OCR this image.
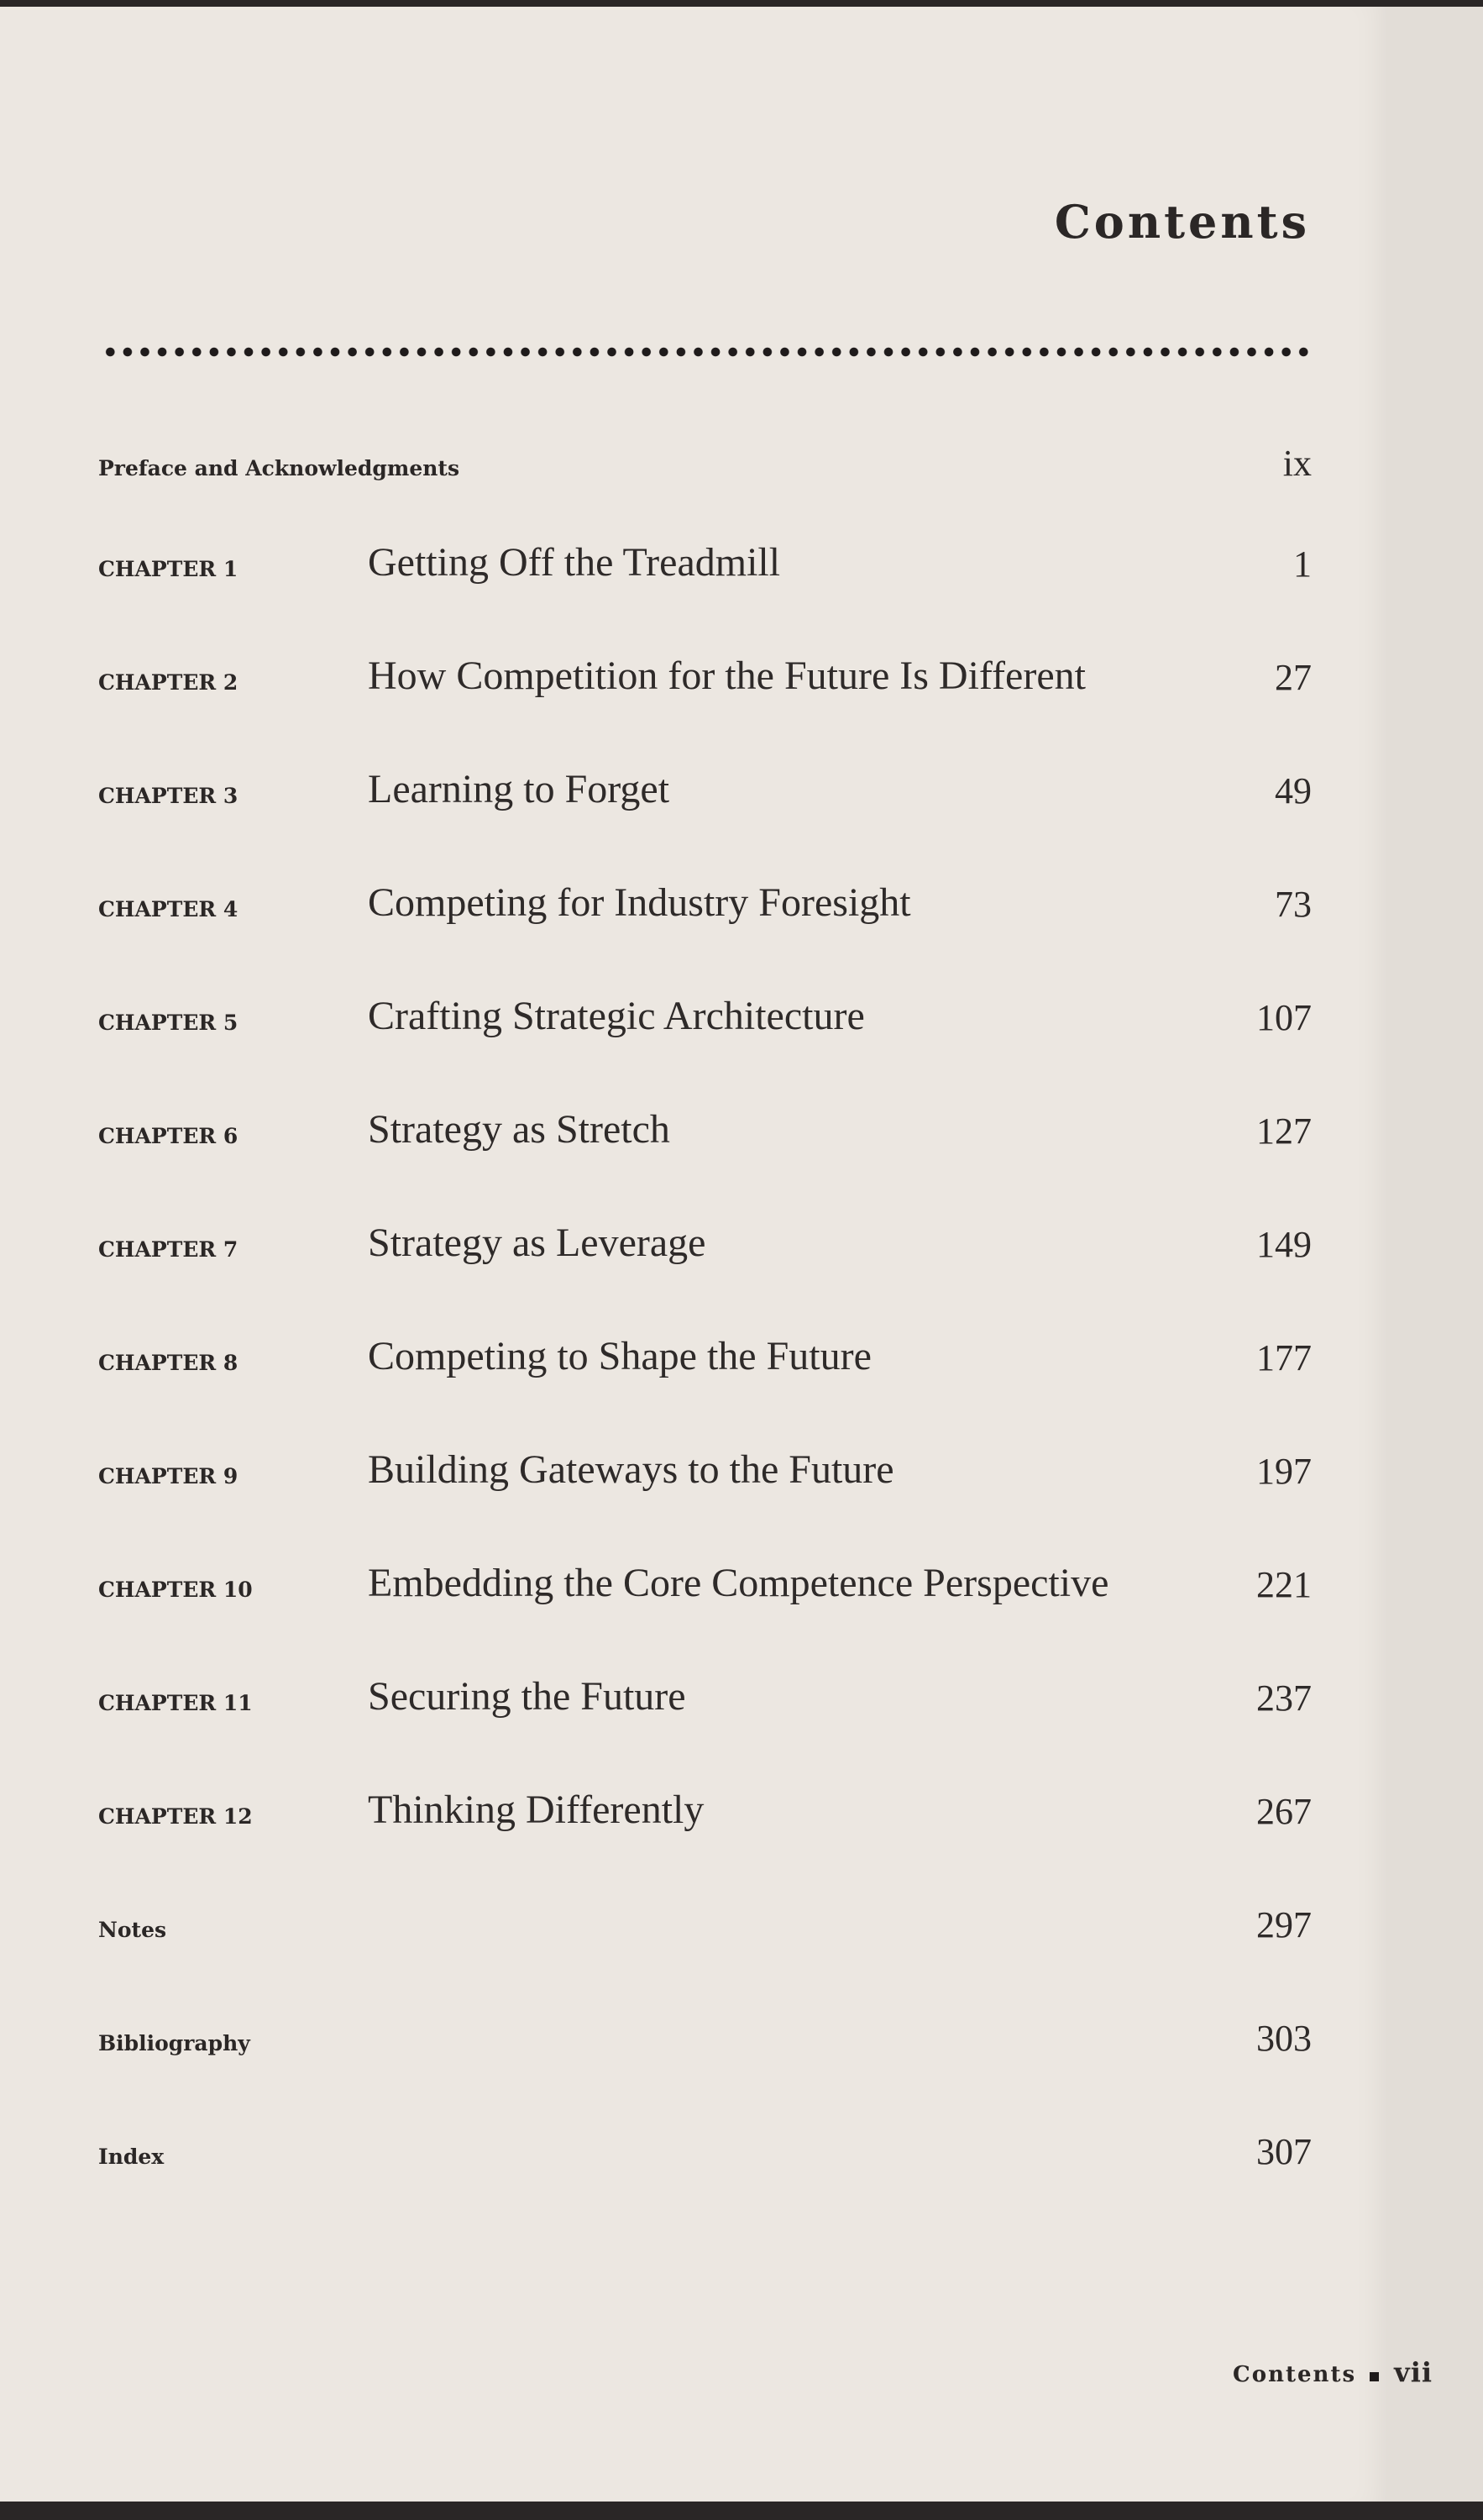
Contents
Preface and Acknowledgments	ix
CHAPTER 1	Getting Off the Treadmill	1
CHAPTER 2	How Competition for the Future Is Different	27
CHAPTER 3	Learning to Forget	49
CHAPTER 4	Competing for Industry Foresight	73
CHAPTER 5	Crafting Strategic Architecture	107
CHAPTER 6	Strategy as Stretch	127
CHAPTER 7	Strategy as Leverage	149
CHAPTER 8	Competing to Shape the Future	177
CHAPTER 9	Building Gateways to the Future	197
CHAPTER 10	Embedding the Core Competence Perspective	221
CHAPTER 11	Securing the Future	237
CHAPTER 12	Thinking Differently	267
Notes	297
Bibliography	303
Index	307
Contents vii
